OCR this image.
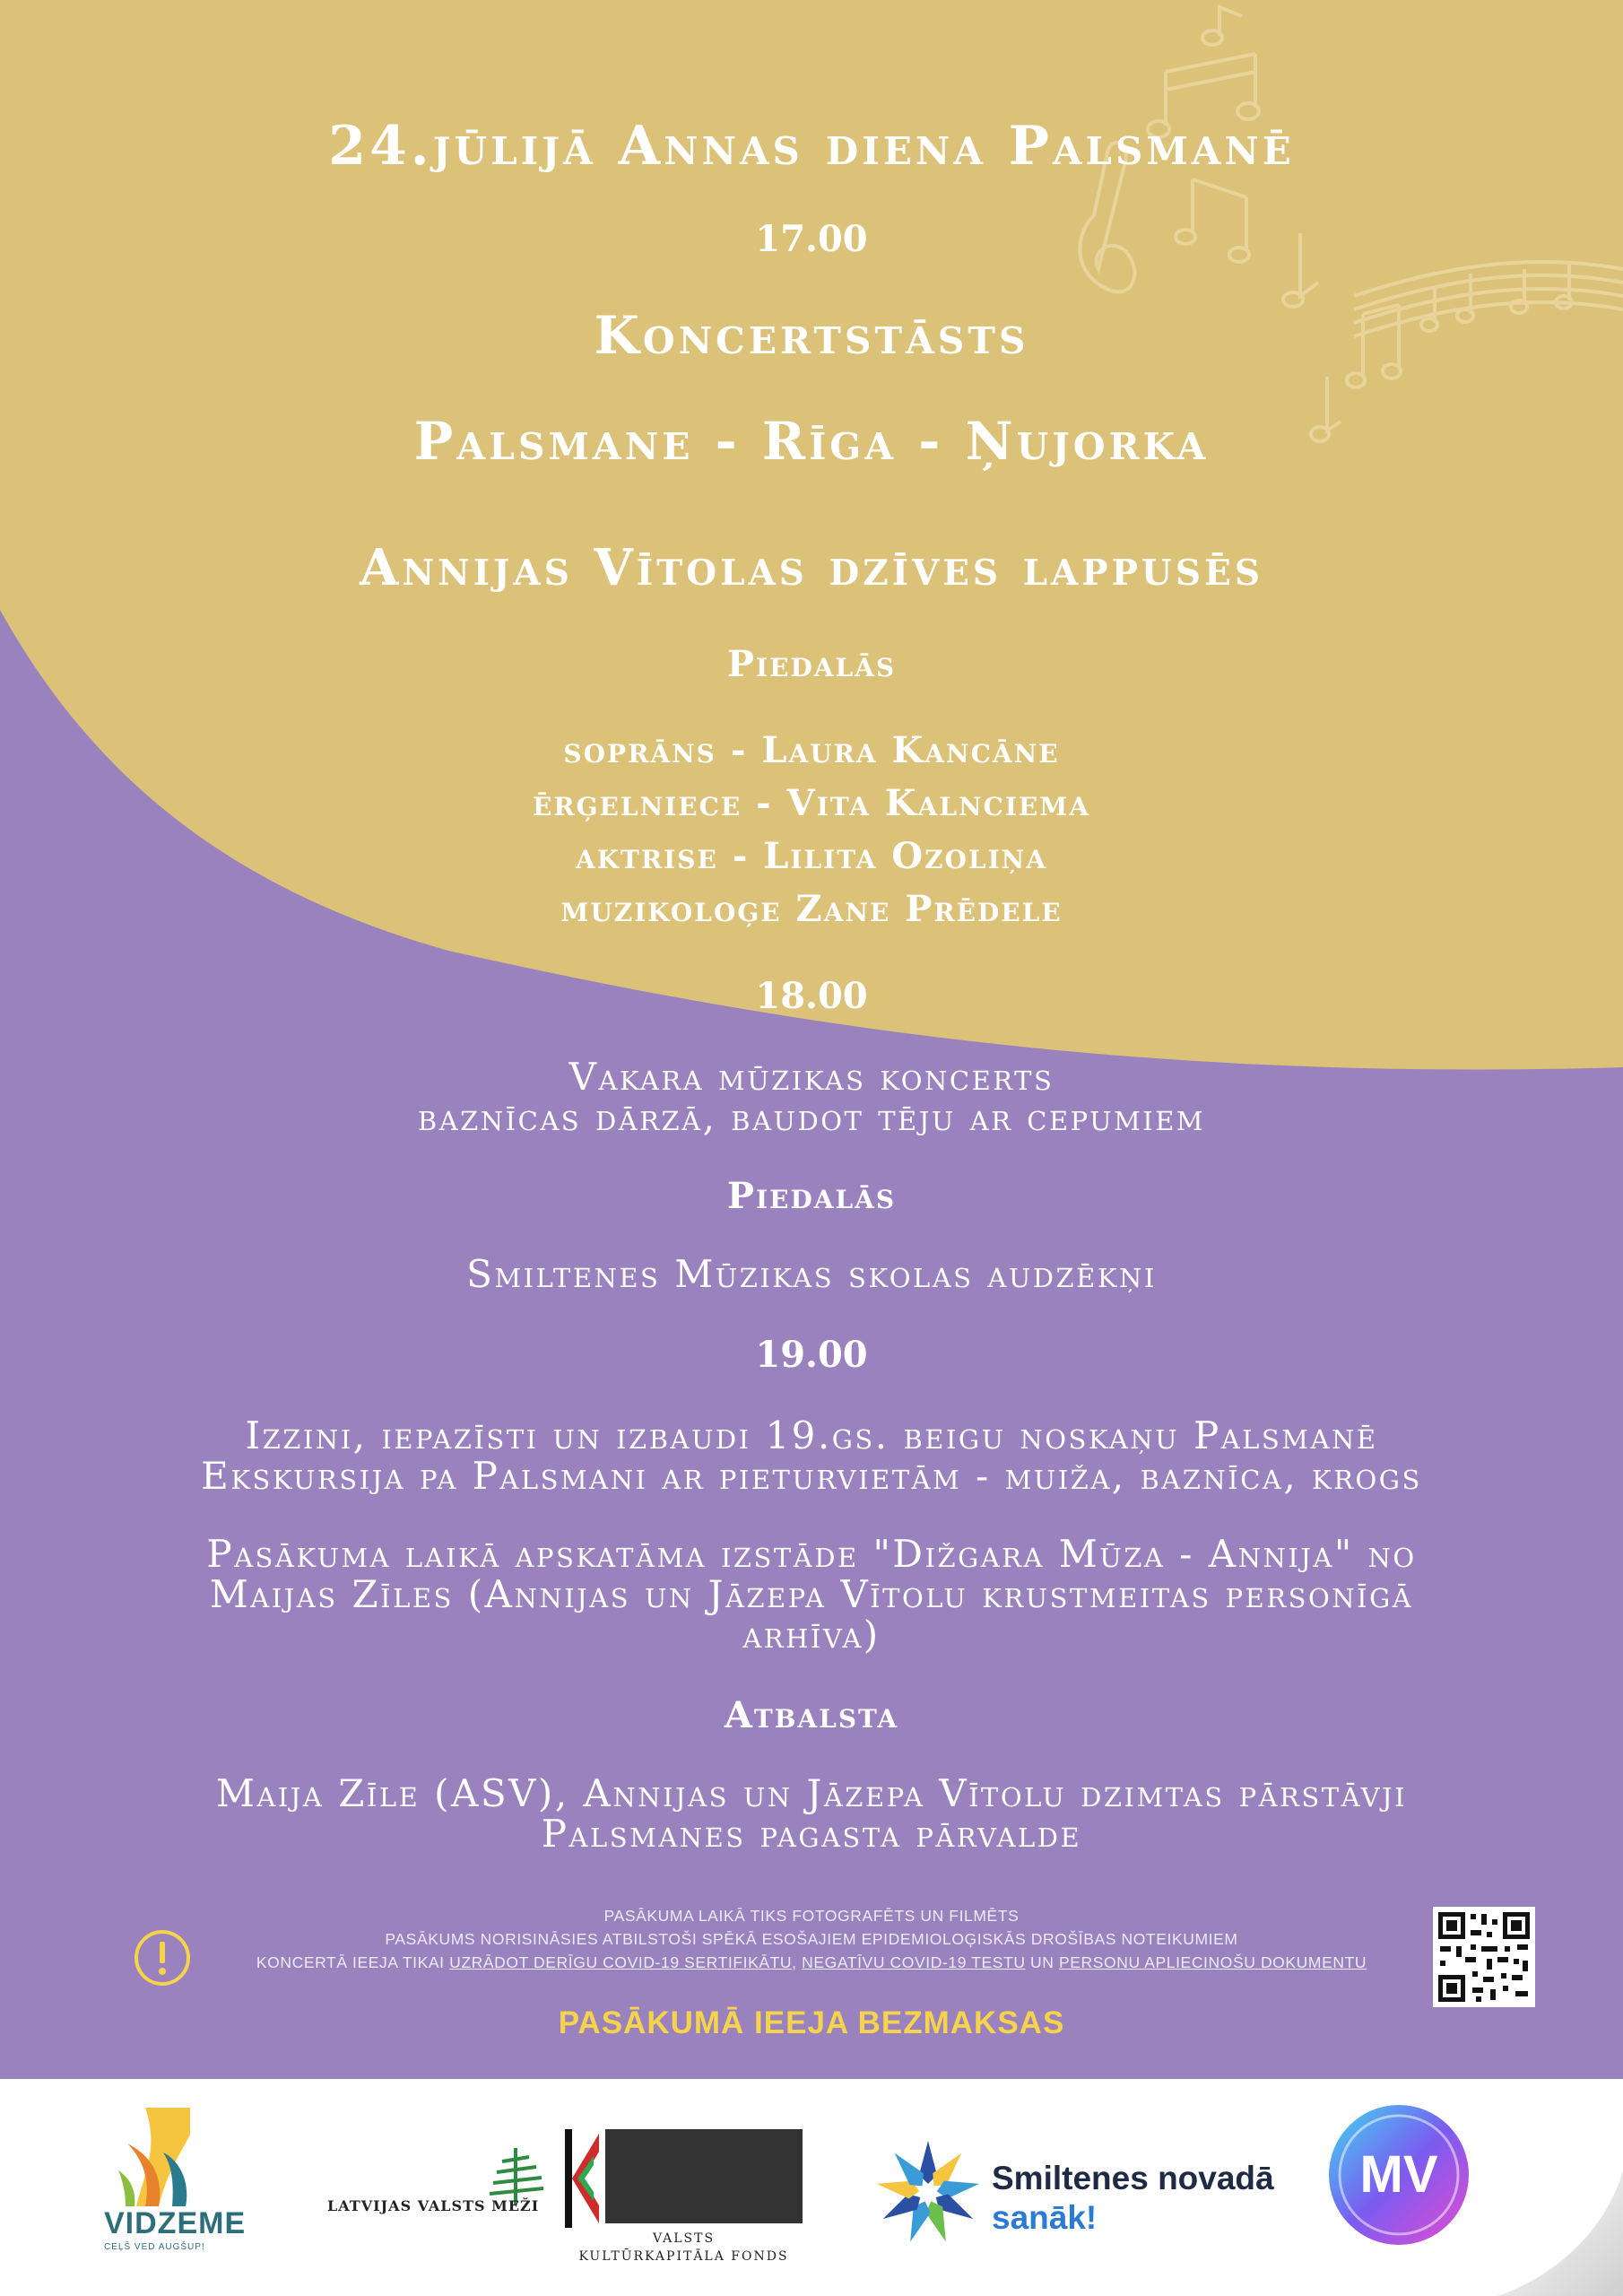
24.jūlijā Annas diena Palsmanē
17.00
Koncertstāsts
Palsmane - Rīga - Ņujorka
Annijas Vītolas dzīves lappusēs
Piedalās
soprāns - Laura Kancāne
ērģelniece - Vita Kalnciema
aktrise - Lilita Ozoliņa
muzikoloģe Zane Prēdele
18.00
Vakara mūzikas koncerts
baznīcas dārzā, baudot tēju ar cepumiem
Piedalās
Smiltenes Mūzikas skolas audzēkņi
19.00
Izzini, iepazīsti un izbaudi 19.gs. beigu noskaņu Palsmanē
Ekskursija pa Palsmani ar pieturvietām - muiža, baznīca, krogs
Pasākuma laikā apskatāma izstāde "Dižgara Mūza - Annija" no
Maijas Zīles (Annijas un Jāzepa Vītolu krustmeitas personīgā
arhīva)
Atbalsta
Maija Zīle (ASV), Annijas un Jāzepa Vītolu dzimtas pārstāvji
Palsmanes pagasta pārvalde
PASĀKUMA LAIKĀ TIKS FOTOGRAFĒTS UN FILMĒTS
PASĀKUMS NORISINĀSIES ATBILSTOŠI SPĒKĀ ESOŠAJIEM EPIDEMIOLOĢISKĀS DROŠĪBAS NOTEIKUMIEM
KONCERTĀ IEEJA TIKAI UZRĀDOT DERĪGU COVID-19 SERTIFIKĀTU, NEGATĪVU COVID-19 TESTU UN PERSONU APLIECINOŠU DOKUMENTU
PASĀKUMĀ IEEJA BEZMAKSAS
VIDZEME
CEĻŠ VED AUGŠUP!
LATVIJAS VALSTS MEŽI
VALSTS
KULTŪRKAPITĀLA FONDS
Smiltenes novadā
sanāk!
MV
